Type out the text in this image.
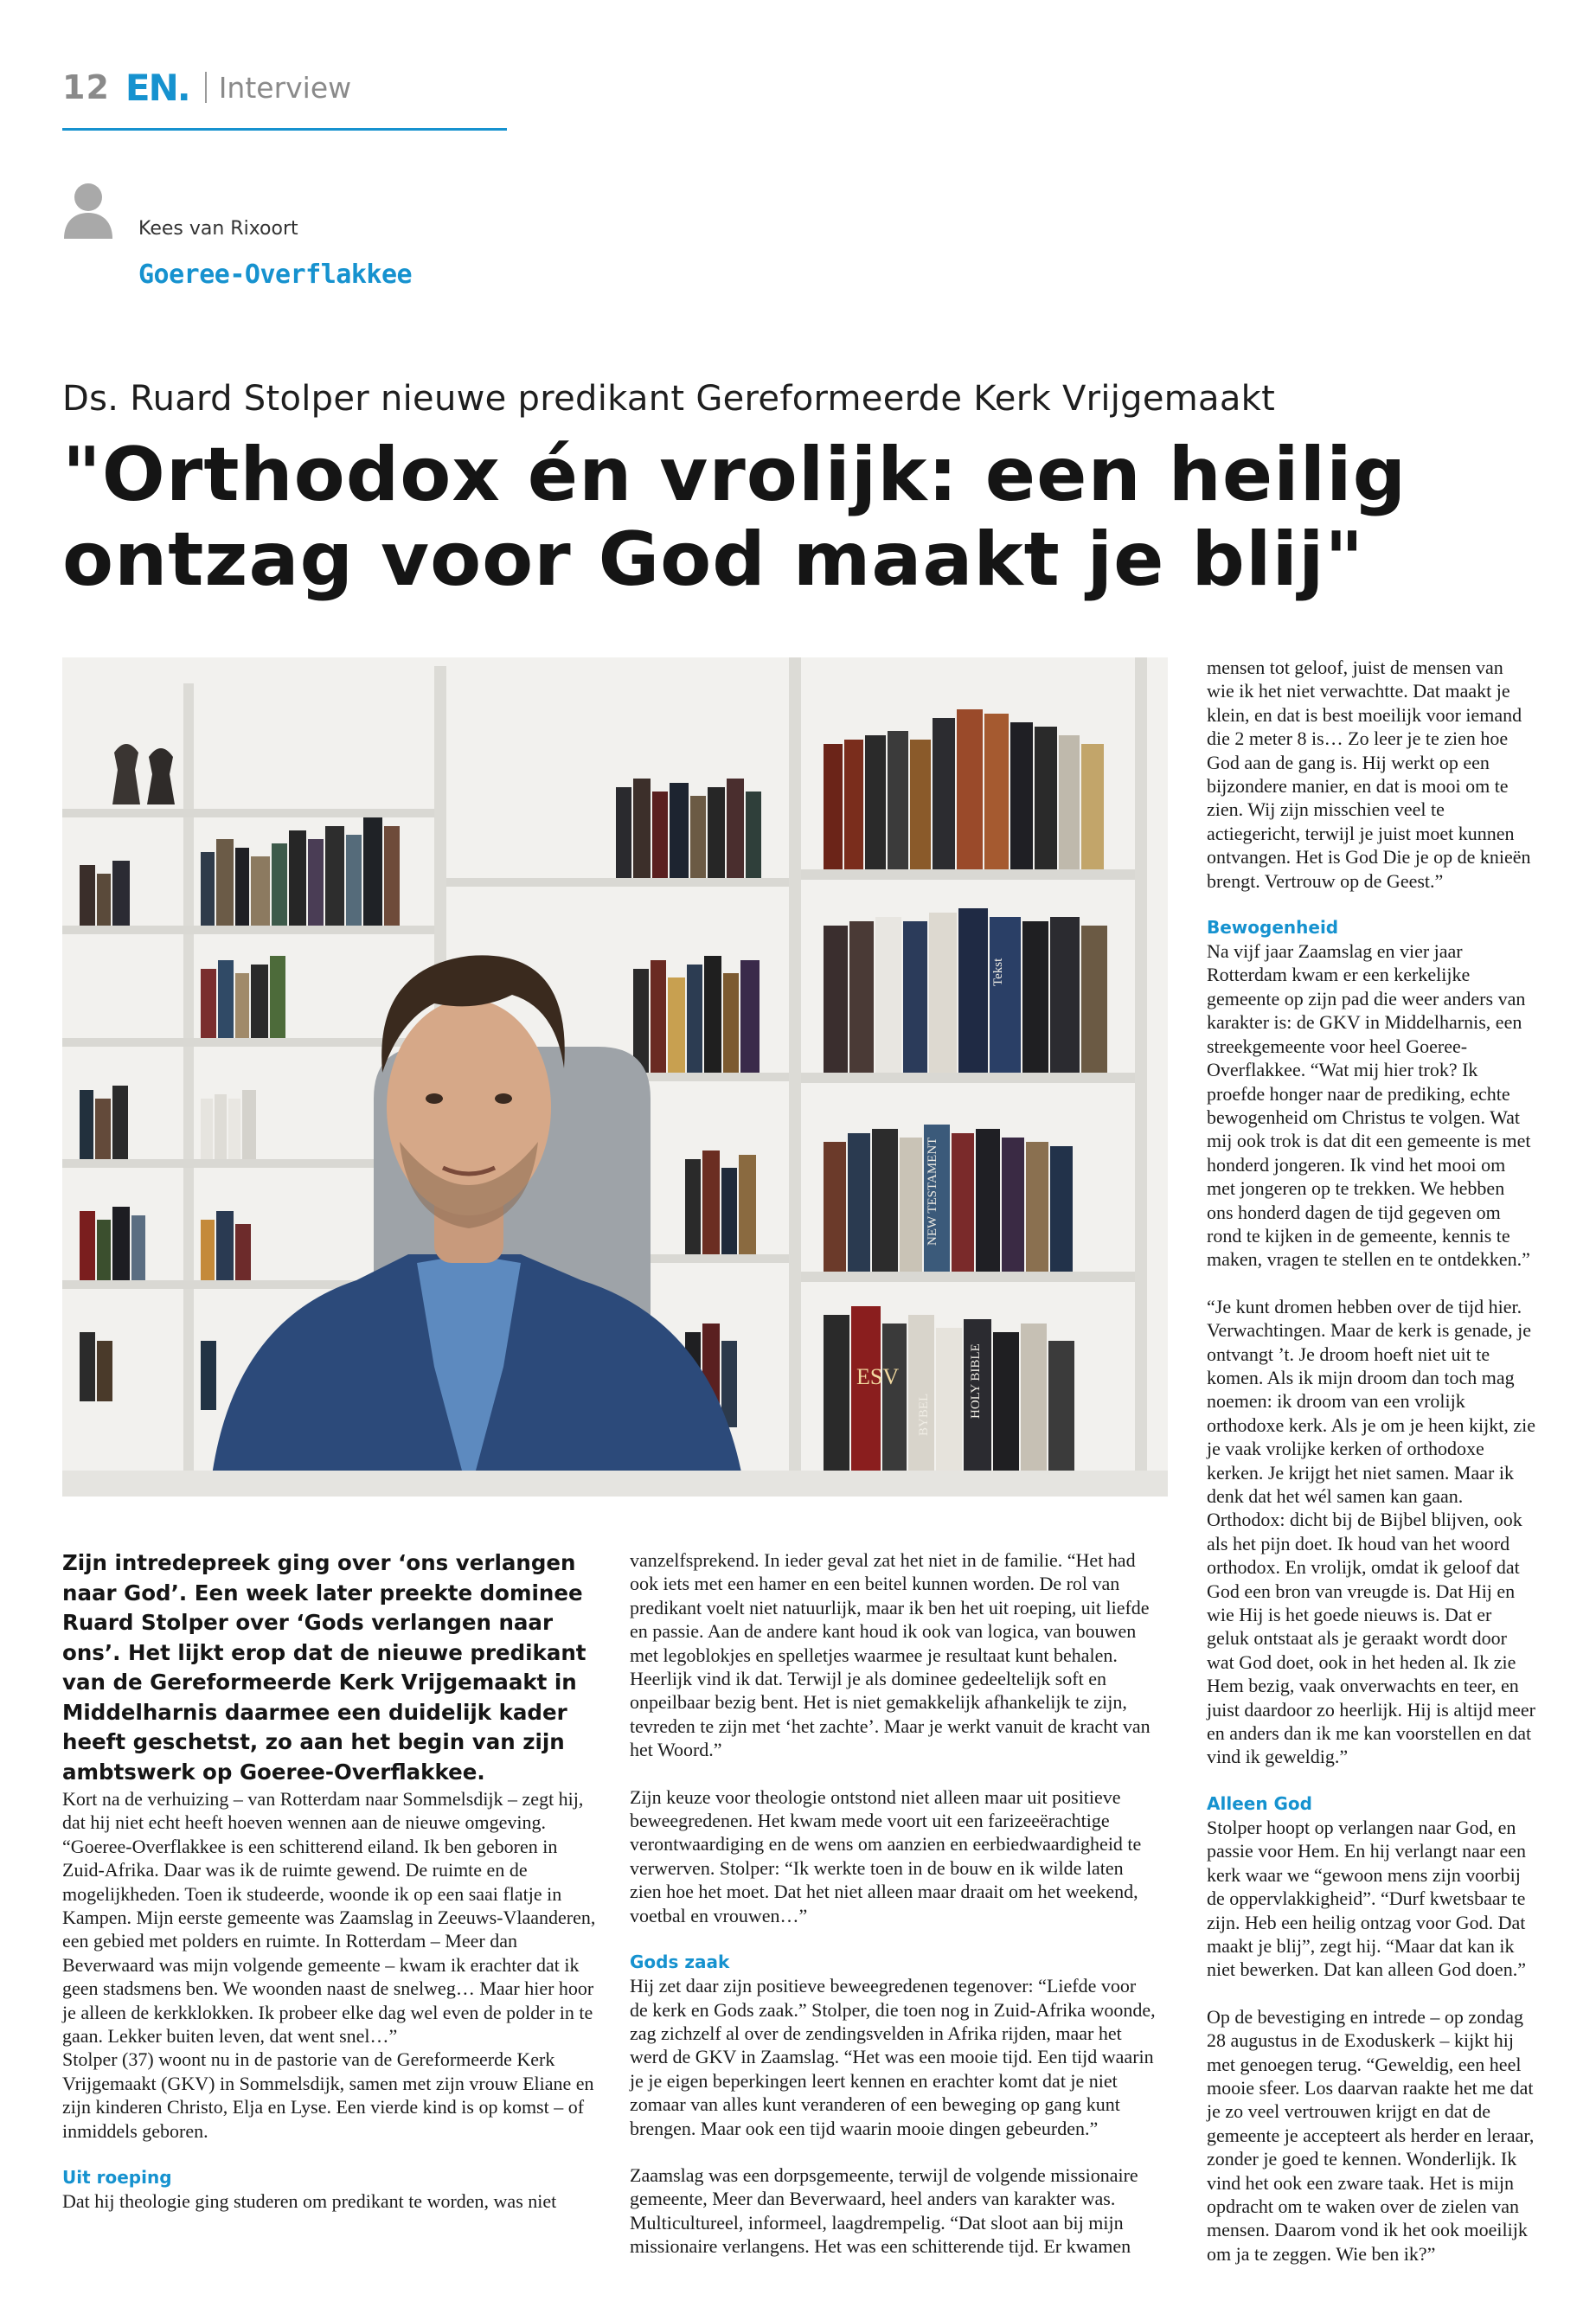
12 EN. Interview
Kees van Rixoort
Goeree-Overflakkee
Ds. Ruard Stolper nieuwe predikant Gereformeerde Kerk Vrijgemaakt
"Orthodox én vrolijk: een heilig
ontzag voor God maakt je blij"
Tekst
ESV
BYBEL	HOLY BIBLE
NEW TESTAMENT

Zijn intredepreek ging over ‘ons verlangen naar God’. Een week later preekte dominee Ruard Stolper over ‘Gods verlangen naar ons’. Het lijkt erop dat de nieuwe predikant van de Gereformeerde Kerk Vrijgemaakt in Middelharnis daarmee een duidelijk kader heeft geschetst, zo aan het begin van zijn ambtswerk op Goeree-Overflakkee.

Kort na de verhuizing – van Rotterdam naar Sommelsdijk – zegt hij, dat hij niet echt heeft hoeven wennen aan de nieuwe omgeving. “Goeree-Overflakkee is een schitterend eiland. Ik ben geboren in Zuid-Afrika. Daar was ik de ruimte gewend. De ruimte en de mogelijkheden. Toen ik studeerde, woonde ik op een saai flatje in Kampen. Mijn eerste gemeente was Zaamslag in Zeeuws-Vlaanderen, een gebied met polders en ruimte. In Rotterdam – Meer dan Beverwaard was mijn volgende gemeente – kwam ik erachter dat ik geen stadsmens ben. We woonden naast de snelweg… Maar hier hoor je alleen de kerkklokken. Ik probeer elke dag wel even de polder in te gaan. Lekker buiten leven, dat went snel…”

Stolper (37) woont nu in de pastorie van de Gereformeerde Kerk Vrijgemaakt (GKV) in Sommelsdijk, samen met zijn vrouw Eliane en zijn kinderen Christo, Elja en Lyse. Een vierde kind is op komst – of inmiddels geboren.

Uit roeping

Dat hij theologie ging studeren om predikant te worden, was niet

vanzelfsprekend. In ieder geval zat het niet in de familie. “Het had ook iets met een hamer en een beitel kunnen worden. De rol van predikant voelt niet natuurlijk, maar ik ben het uit roeping, uit liefde en passie. Aan de andere kant houd ik ook van logica, van bouwen met legoblokjes en spelletjes waarmee je resultaat kunt behalen. Heerlijk vind ik dat. Terwijl je als dominee gedeeltelijk soft en onpeilbaar bezig bent. Het is niet gemakkelijk afhankelijk te zijn, tevreden te zijn met ‘het zachte’. Maar je werkt vanuit de kracht van het Woord.”

Zijn keuze voor theologie ontstond niet alleen maar uit positieve beweegredenen. Het kwam mede voort uit een farizeeërachtige verontwaardiging en de wens om aanzien en eerbiedwaardigheid te verwerven. Stolper: “Ik werkte toen in de bouw en ik wilde laten zien hoe het moet. Dat het niet alleen maar draait om het weekend, voetbal en vrouwen…”

Gods zaak

Hij zet daar zijn positieve beweegredenen tegenover: “Liefde voor de kerk en Gods zaak.” Stolper, die toen nog in Zuid-Afrika woonde, zag zichzelf al over de zendingsvelden in Afrika rijden, maar het werd de GKV in Zaamslag. “Het was een mooie tijd. Een tijd waarin je je eigen beperkingen leert kennen en erachter komt dat je niet zomaar van alles kunt veranderen of een beweging op gang kunt brengen. Maar ook een tijd waarin mooie dingen gebeurden.”

Zaamslag was een dorpsgemeente, terwijl de volgende missionaire gemeente, Meer dan Beverwaard, heel anders van karakter was. Multicultureel, informeel, laagdrempelig. “Dat sloot aan bij mijn missionaire verlangens. Het was een schitterende tijd. Er kwamen

mensen tot geloof, juist de mensen van wie ik het niet verwachtte. Dat maakt je klein, en dat is best moeilijk voor iemand die 2 meter 8 is… Zo leer je te zien hoe God aan de gang is. Hij werkt op een bijzondere manier, en dat is mooi om te zien. Wij zijn misschien veel te actiegericht, terwijl je juist moet kunnen ontvangen. Het is God Die je op de knieën brengt. Vertrouw op de Geest.”

Bewogenheid

Na vijf jaar Zaamslag en vier jaar Rotterdam kwam er een kerkelijke gemeente op zijn pad die weer anders van karakter is: de GKV in Middelharnis, een streekgemeente voor heel Goeree-Overflakkee. “Wat mij hier trok? Ik proefde honger naar de prediking, echte bewogenheid om Christus te volgen. Wat mij ook trok is dat dit een gemeente is met honderd jongeren. Ik vind het mooi om met jongeren op te trekken. We hebben ons honderd dagen de tijd gegeven om rond te kijken in de gemeente, kennis te maken, vragen te stellen en te ontdekken.”

“Je kunt dromen hebben over de tijd hier. Verwachtingen. Maar de kerk is genade, je ontvangt ’t. Je droom hoeft niet uit te komen. Als ik mijn droom dan toch mag noemen: ik droom van een vrolijk orthodoxe kerk. Als je om je heen kijkt, zie je vaak vrolijke kerken of orthodoxe kerken. Je krijgt het niet samen. Maar ik denk dat het wél samen kan gaan. Orthodox: dicht bij de Bijbel blijven, ook als het pijn doet. Ik houd van het woord orthodox. En vrolijk, omdat ik geloof dat God een bron van vreugde is. Dat Hij en wie Hij is het goede nieuws is. Dat er geluk ontstaat als je geraakt wordt door wat God doet, ook in het heden al. Ik zie Hem bezig, vaak onverwachts en teer, en juist daardoor zo heerlijk. Hij is altijd meer en anders dan ik me kan voorstellen en dat vind ik geweldig.”

Alleen God

Stolper hoopt op verlangen naar God, en passie voor Hem. En hij verlangt naar een kerk waar we “gewoon mens zijn voorbij de oppervlakkigheid”. “Durf kwetsbaar te zijn. Heb een heilig ontzag voor God. Dat maakt je blij”, zegt hij. “Maar dat kan ik niet bewerken. Dat kan alleen God doen.”

Op de bevestiging en intrede – op zondag 28 augustus in de Exoduskerk – kijkt hij met genoegen terug. “Geweldig, een heel mooie sfeer. Los daarvan raakte het me dat je zo veel vertrouwen krijgt en dat de gemeente je accepteert als herder en leraar, zonder je goed te kennen. Wonderlijk. Ik vind het ook een zware taak. Het is mijn opdracht om te waken over de zielen van mensen. Daarom vond ik het ook moeilijk om ja te zeggen. Wie ben ik?”
